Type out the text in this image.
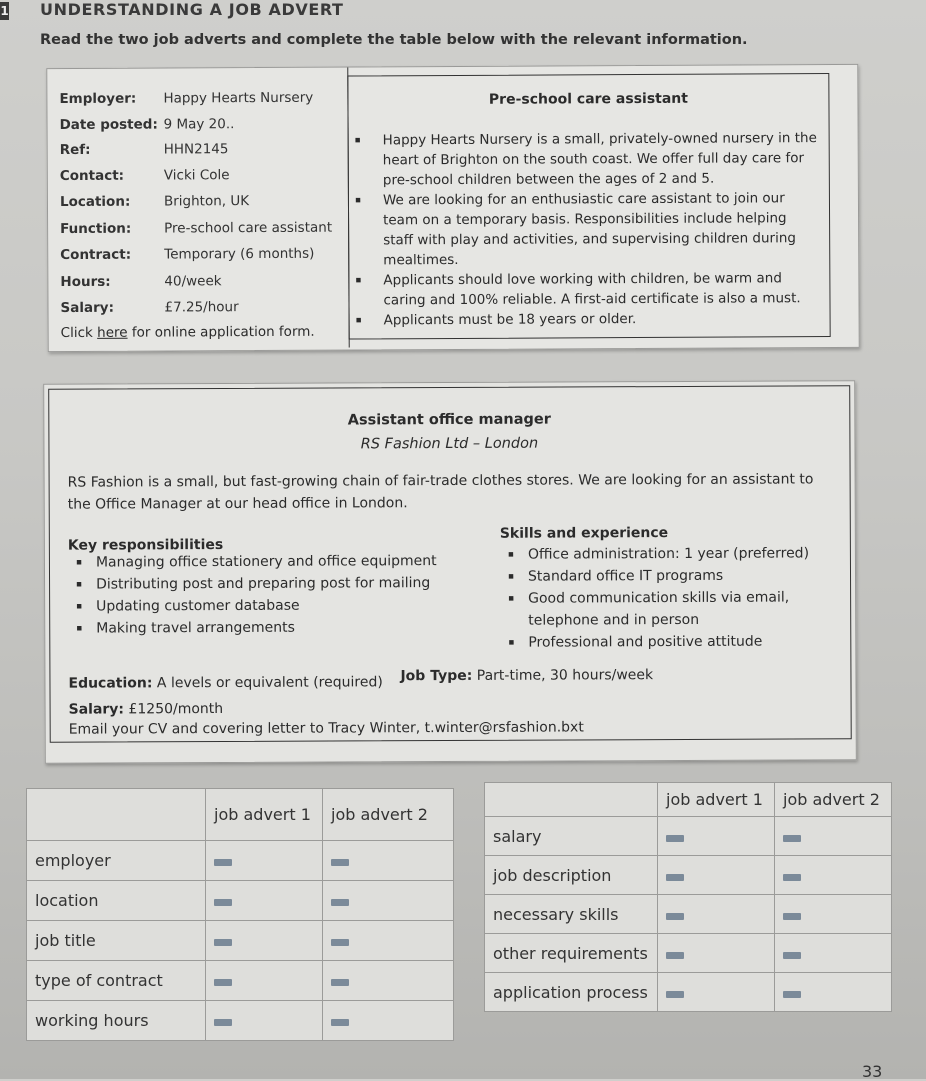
1 UNDERSTANDING A JOB ADVERT
Read the two job adverts and complete the table below with the relevant information.
Employer: Happy Hearts Nursery
Date posted: 9 May 20..
Ref:	HHN2145
Contact:	Vicki Cole
Location: Brighton, UK
Function: Pre-school care assistant
Contract: Temporary (6 months)
Hours:	40/week
Salary:	£7.25/hour
Click here for online application form.
Pre-school care assistant
▪ Happy Hearts Nursery is a small, privately-owned nursery in the heart of Brighton on the south coast. We offer full day care for pre-school children between the ages of 2 and 5.
▪ We are looking for an enthusiastic care assistant to join our team on a temporary basis. Responsibilities include helping staff with play and activities, and supervising children during mealtimes.
▪ Applicants should love working with children, be warm and caring and 100% reliable. A first-aid certificate is also a must.
▪ Applicants must be 18 years or older.
Assistant office manager
RS Fashion Ltd – London
RS Fashion is a small, but fast-growing chain of fair-trade clothes stores. We are looking for an assistant to the Office Manager at our head office in London.
Key responsibilities
▪ Managing office stationery and office equipment
▪ Distributing post and preparing post for mailing
▪ Updating customer database
▪ Making travel arrangements
Skills and experience
▪ Office administration: 1 year (preferred)
▪ Standard office IT programs
▪ Good communication skills via email, telephone and in person
▪ Professional and positive attitude
Education: A levels or equivalent (required) Job Type: Part-time, 30 hours/week
Salary: £1250/month
Email your CV and covering letter to Tracy Winter, t.winter@rsfashion.bxt
	job advert 1	job advert 2
employer		
location		
job title		
type of contract		
working hours		
	job advert 1	job advert 2
salary		
job description		
necessary skills		
other requirements		
application process		
33
